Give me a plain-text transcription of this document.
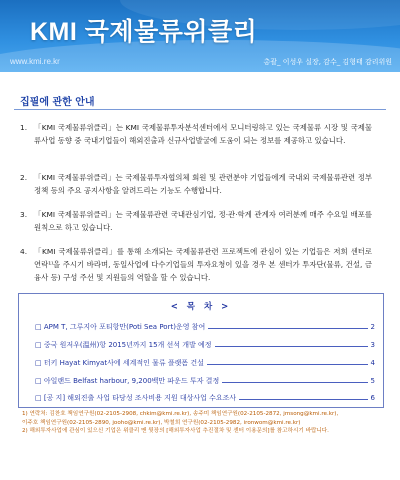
KMI 국제물류위클리
www.kmi.re.kr	총괄_ 이성우 실장, 감수_ 김형태 감리위원
집필에 관한 안내
1. 「KMI 국제물류위클리」는 KMI 국제물류투자분석센터에서 모니터링하고 있는 국제물류 시장 및 국제물류사업 동향 중 국내기업들이 해외진출과 신규사업발굴에 도움이 되는 정보를 제공하고 있습니다.
2. 「KMI 국제물류위클리」는 국제물류투자협의체 회원 및 관련분야 기업들에게 국내외 국제물류관련 정부정책 등의 주요 공지사항을 알려드리는 기능도 수행합니다.
3. 「KMI 국제물류위클리」는 국제물류관련 국내관심기업, 정·관·학계 관계자 여러분께 매주 수요일 배포를 원칙으로 하고 있습니다.
4. 「KMI 국제물류위클리」를 통해 소개되는 국제물류관련 프로젝트에 관심이 있는 기업들은 저희 센터로 연락¹⁾을 주시기 바라며, 동일사업에 다수기업들의 투자요청이 있을 경우 본 센터가 투자단(물류, 건설, 금융사 등) 구성 주선 및 지원들의 역할을 할 수 있습니다.
< 목 차 >
□ APM T, 그루지아 포티항만(Poti Sea Port)운영 참여	2
□ 중국 원저우(温州)항 2015년까지 15개 선석 개발 예정	3
□ 터키 Hayat Kimyat사에 세계적인 물류 플랫폼 건설	4
□ 아일랜드 Belfast harbour, 9,200백만 파운드 투자 결정	5
□ [공 지] 해외진출 사업 타당성 조사비용 지원 대상사업 수요조사	6
1) 연락처: 김찬호 책임연구원(02-2105-2908, chkim@kmi.re.kr), 송주미 책임연구원(02-2105-2872, jmsong@kmi.re.kr),
이주호 책임연구원(02-2105-2890, jooho@kmi.re.kr), 박철희 연구원(02-2105-2982, ironwom@kmi.re.kr)
2) 해외투자사업에 관심이 있으신 기업은 위클리 맨 뒷장의 [해외투자사업 추진절차 및 센터 이용문의]를 참고하시기 바랍니다.
